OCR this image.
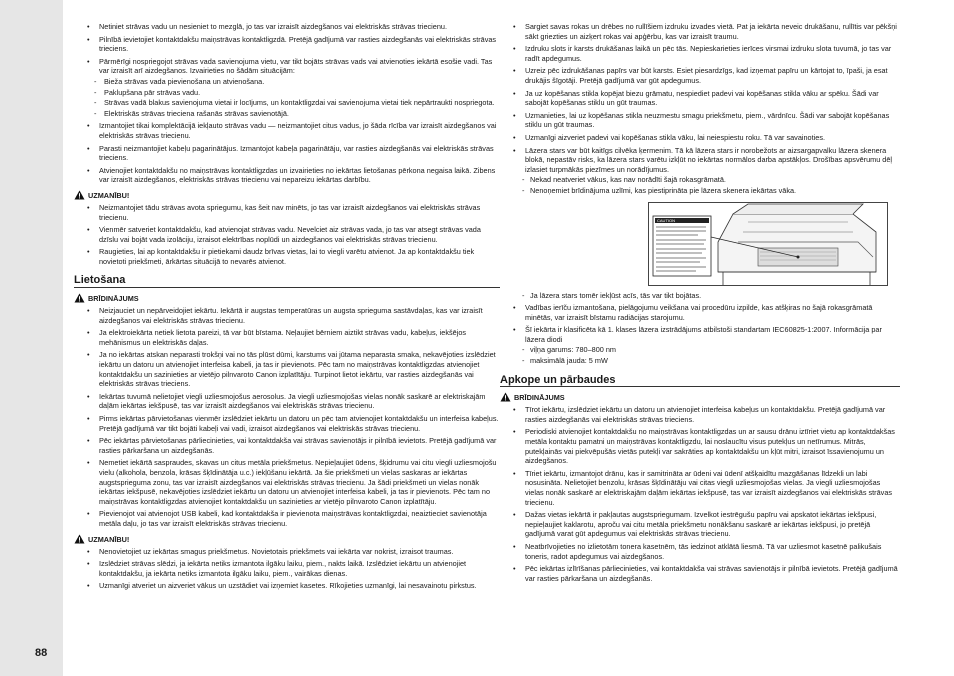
88
• Netiniet strāvas vadu un nesieniet to mezglā, jo tas var izraisīt aizdegšanos vai elektriskās strāvas triecienu.
• Pilnībā ievietojiet kontaktdakšu maiņstrāvas kontaktligzdā. Pretējā gadījumā var rasties aizdegšanās vai elektriskās strāvas trieciens.
• Pārmērīgi nospriegojot strāvas vada savienojuma vietu, var tikt bojāts strāvas vads vai atvienoties iekārtā esošie vadi. Tas var izraisīt arī aizdegšanos. Izvairieties no šādām situācijām:
- Bieža strāvas vada pievienošana un atvienošana.
- Paklupšana pār strāvas vadu.
- Strāvas vadā blakus savienojuma vietai ir locījums, un kontaktligzdai vai savienojuma vietai tiek nepārtraukti nospriegota.
- Elektriskās strāvas triecienа rašanās strāvas savienotājā.
• Izmantojiet tikai komplektācijā iekļauto strāvas vadu — neizmantojiet citus vadus, jo šāda rīcība var izraisīt aizdegšanos vai elektriskās strāvas triecienu.
• Parasti neizmantojiet kabeļu pagarinātājus. Izmantojot kabeļa pagarinātāju, var rasties aizdegšanās vai elektriskās strāvas trieciens.
• Atvienojiet kontaktdakšu no maiņstrāvas kontaktligzdas un izvairieties no iekārtas lietošanas pērkona negaisa laikā. Zibens var izraisīt aizdegšanos, elektriskās strāvas triecienu vai nepareizu iekārtas darbību.
UZMANĪBU!
• Neizmantojiet tādu strāvas avota spriegumu, kas šeit nav minēts, jo tas var izraisīt aizdegšanos vai elektriskās strāvas triecienu.
• Vienmēr satveriet kontaktdakšu, kad atvienojat strāvas vadu. Nevelciet aiz strāvas vada, jo tas var atsegt strāvas vada dzīslu vai bojāt vada izolāciju, izraisot elektrības noplūdi un aizdegšanos vai elektriskās strāvas triecienu.
• Raugieties, lai ap kontaktdakšu ir pietiekami daudz brīvas vietas, lai to viegli varētu atvienot. Ja ap kontaktdakšu tiek novietoti priekšmeti, ārkārtas situācijā to nevarēs atvienot.
Lietošana
BRĪDINĀJUMS
• Neizjauciet un nepārveidojiet iekārtu. Iekārtā ir augstas temperatūras un augsta sprieguma sastāvdaļas, kas var izraisīt aizdegšanos vai elektriskās strāvas triecienu.
• Ja elektroiekārta netiek lietota pareizi, tā var būt bīstama. Neļaujiet bērniem aiztikt strāvas vadu, kabeļus, iekšējos mehānismus un elektriskās daļas.
• Ja no iekārtas atskan neparasti trokšņi vai no tās plūst dūmi, karstums vai jūtama neparasta smaka, nekavējoties izslēdziet iekārtu un datoru un atvienojiet interfeisa kabeli, ja tas ir pievienots. Pēc tam no maiņstrāvas kontaktligzdas atvienojiet kontaktdakšu un sazinieties ar vietējo pilnvaroto Canon izplatītāju. Turpinot lietot iekārtu, var rasties aizdegšanās vai elektriskās strāvas trieciens.
• Iekārtas tuvumā nelietojiet viegli uzliesmojošus aerosolus. Ja viegli uzliesmojošas vielas nonāk saskarē ar elektriskajām daļām iekārtas iekšpusē, tas var izraisīt aizdegšanos vai elektriskās strāvas triecienu.
• Pirms iekārtas pārvietošanas vienmēr izslēdziet iekārtu un datoru un pēc tam atvienojiet kontaktdakšu un interfeisa kabeļus. Pretējā gadījumā var tikt bojāti kabeļi vai vadi, izraisot aizdegšanos vai elektriskās strāvas triecienu.
• Pēc iekārtas pārvietošanas pārliecinieties, vai kontaktdakša vai strāvas savienotājs ir pilnībā ievietots. Pretējā gadījumā var rasties pārkaršana un aizdegšanās.
• Nemetiet iekārtā saspraudes, skavas un citus metāla priekšmetus. Nepieļaujiet ūdens, šķidrumu vai citu viegli uzliesmojošu vielu (alkohola, benzola, krāsas šķīdinātāja u.c.) iekļūšanu iekārtā. Ja šie priekšmeti un vielas saskaras ar iekārtas augstsprieguma zonu, tas var izraisīt aizdegšanos vai elektriskās strāvas triecienu. Ja šādi priekšmeti un vielas nonāk iekārtas iekšpusē, nekavējoties izslēdziet iekārtu un datoru un atvienojiet interfeisa kabeli, ja tas ir pievienots. Pēc tam no maiņstrāvas kontaktligzdas atvienojiet kontaktdakšu un sazinieties ar vietējo pilnvaroto Canon izplatītāju.
• Pievienojot vai atvienojot USB kabeli, kad kontaktdakša ir pievienota maiņstrāvas kontaktligzdai, neaiztieciet savienotāja metāla daļu, jo tas var izraisīt elektriskās strāvas triecienu.
UZMANĪBU!
• Nenovietojiet uz iekārtas smagus priekšmetus. Novietotais priekšmets vai iekārta var nokrist, izraisot traumas.
• Izslēdziet strāvas slēdzi, ja iekārta netiks izmantota ilgāku laiku, piem., nakts laikā. Izslēdziet iekārtu un atvienojiet kontaktdakšu, ja iekārta netiks izmantota ilgāku laiku, piem., vairākas dienas.
• Uzmanīgi atveriet un aizveriet vākus un uzstādiet vai izņemiet kasetes. Rīkojieties uzmanīgi, lai nesavainotu pirkstus.
• Sargiet savas rokas un drēbes no rullīšiem izdruku izvades vietā. Pat ja iekārta neveic drukāšanu, rullītis var pēkšņi sākt griezties un aizķert rokas vai apģērbu, kas var izraisīt traumu.
• Izdruku slots ir karsts drukāšanas laikā un pēc tās. Nepieskarieties ierīces virsmai izdruku slota tuvumā, jo tas var radīt apdegumus.
• Uzreiz pēc izdrukāšanas papīrs var būt karsts. Esiet piesardzīgs, kad izņemat papīru un kārtojat to, īpaši, ja esat drukājis šīgotāji. Pretējā gadījumā var gūt apdegumus.
• Ja uz kopēšanas stikla kopējat biezu grāmatu, nespiediet padevi vai kopēšanas stikla vāku ar spēku. Šādi var sabojāt kopēšanas stiklu un gūt traumas.
• Uzmanieties, lai uz kopēšanas stikla neuzmestu smagu priekšmetu, piem., vārdnīcu. Šādi var sabojāt kopēšanas stiklu un gūt traumas.
• Uzmanīgi aizveriet padevi vai kopēšanas stikla vāku, lai neiespiestu roku. Tā var savainoties.
• Lāzera stars var būt kaitīgs cilvēka ķermenim. Tā kā lāzera stars ir norobežots ar aizsargapvalku lāzera skenera blokā, nepastāv risks, ka lāzera stars varētu izkļūt no iekārtas normālos darba apstākļos. Drošības apsvērumu dēļ izlasiet turpmākās piezīmes un norādījumus.
- Nekad neatveriet vākus, kas nav norādīti šajā rokasgrāmatā.
- Nenoņemiet brīdinājuma uzlīmi, kas piestiprināta pie lāzera skenera iekārtas vāka.
CAUTION
- Ja lāzera stars tomēr iekļūst acīs, tās var tikt bojātas.
• Vadības ierīču izmantošana, pielāgojumu veikšana vai procedūru izpilde, kas atšķiras no šajā rokasgrāmatā minētās, var izraisīt bīstamu radiācijas starojumu.
• Šī iekārta ir klasificēta kā 1. klases lāzera izstrādājums atbilstoši standartam IEC60825-1:2007. Informācija par lāzera diodi
- viļņa garums: 780–800 nm
- maksimālā jauda: 5 mW
Apkope un pārbaudes
BRĪDINĀJUMS
• Tīrot iekārtu, izslēdziet iekārtu un datoru un atvienojiet interfeisa kabeļus un kontaktdakšu. Pretējā gadījumā var rasties aizdegšanās vai elektriskās strāvas trieciens.
• Periodiski atvienojiet kontaktdakšu no maiņstrāvas kontaktligzdas un ar sausu drānu iztīriet vietu ap kontaktdakšas metāla kontaktu pamatni un maiņstrāvas kontaktligzdu, lai noslaucītu visus putekļus un netīrumus. Mitrās, putekļainās vai piekvēpušās vietās putekļi var sakrāties ap kontaktdakšu un kļūt mitri, izraisot īssavienojumu un aizdegšanos.
• Tīriet iekārtu, izmantojot drānu, kas ir samitrināta ar ūdeni vai ūdenī atšķaidītu mazgāšanas līdzekli un labi nosusināta. Nelietojiet benzolu, krāsas šķīdinātāju vai citas viegli uzliesmojošas vielas. Ja viegli uzliesmojošas vielas nonāk saskarē ar elektriskajām daļām iekārtas iekšpusē, tas var izraisīt aizdegšanos vai elektriskās strāvas triecienu.
• Dažas vietas iekārtā ir pakļautas augstspriegumam. Izvelkot iestrēgušu papīru vai apskatot iekārtas iekšpusi, nepieļaujiet kaklarotu, aproču vai citu metāla priekšmetu nonākšanu saskarē ar iekārtas iekšpusi, jo pretējā gadījumā varat gūt apdegumus vai elektriskās strāvas triecienu.
• Neatbrīvojieties no izlietotām tonera kasetnēm, tās iedzinot atklātā liesmā. Tā var uzliesmot kasetnē palikušais toneris, radot apdegumus vai aizdegšanos.
• Pēc iekārtas izlīrīšanas pārliecinieties, vai kontaktdakša vai strāvas savienotājs ir pilnībā ievietots. Pretējā gadījumā var rasties pārkaršana un aizdegšanās.
